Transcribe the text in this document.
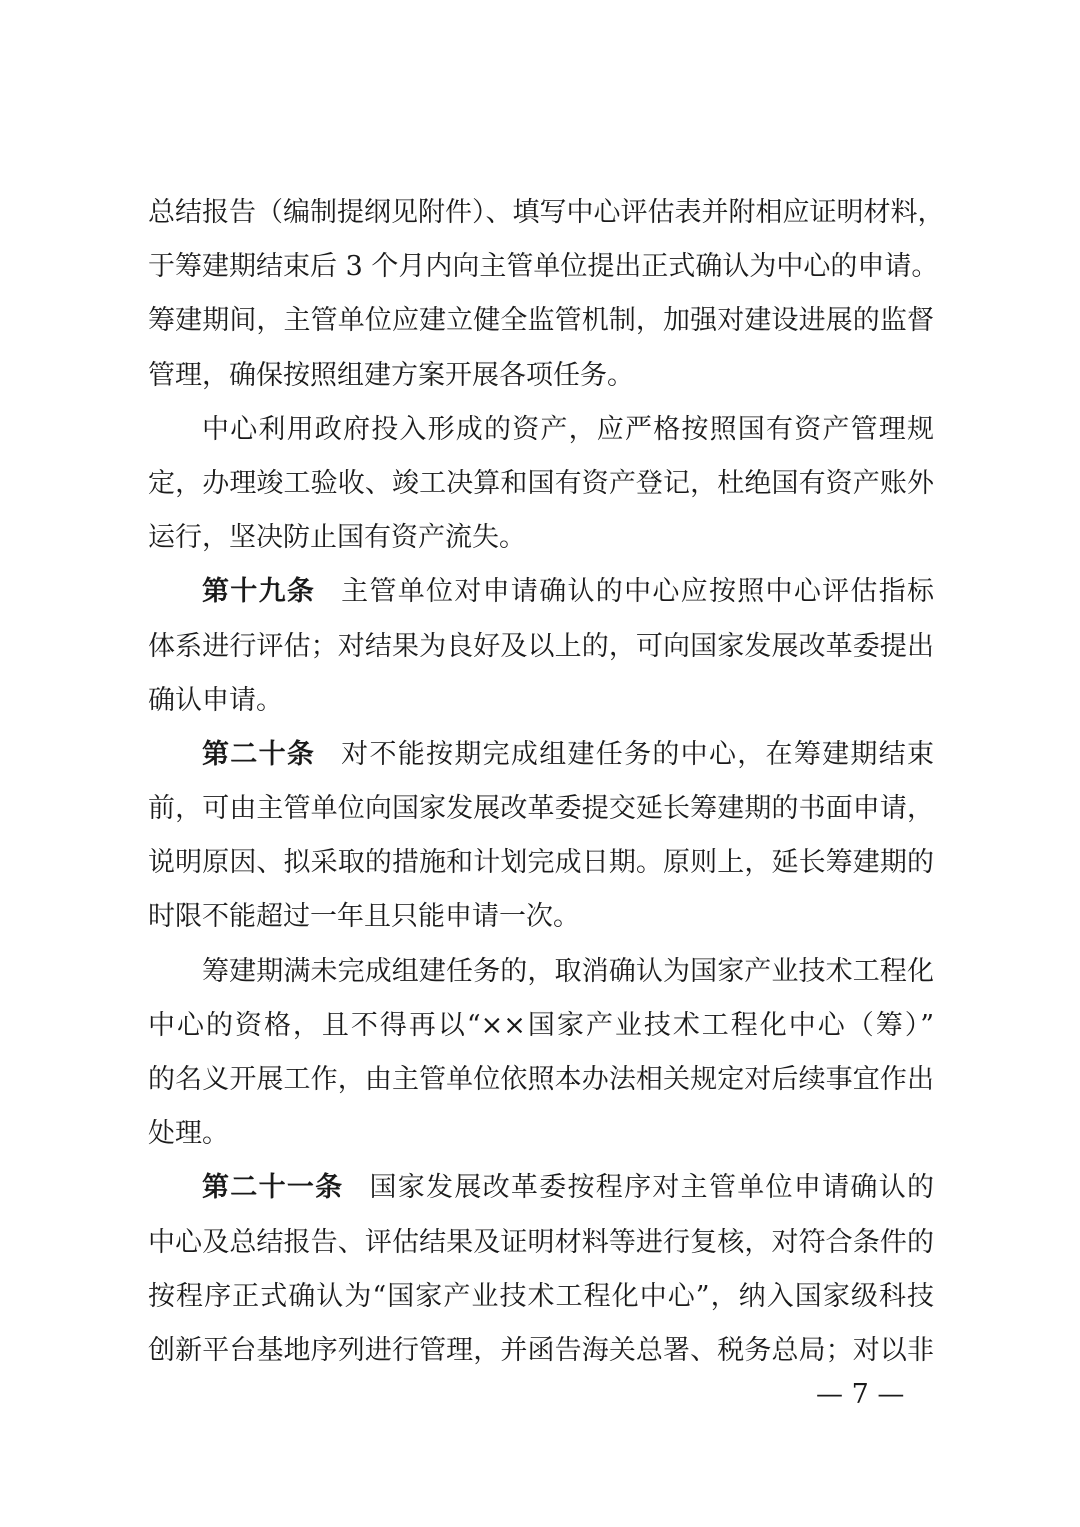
总结报告（编制提纲见附件）、填写中心评估表并附相应证明材料，
于筹建期结束后 3 个月内向主管单位提出正式确认为中心的申请。
筹建期间，主管单位应建立健全监管机制，加强对建设进展的监督
管理，确保按照组建方案开展各项任务。
中心利用政府投入形成的资产，应严格按照国有资产管理规
定，办理竣工验收、竣工决算和国有资产登记，杜绝国有资产账外
运行，坚决防止国有资产流失。
第十九条 主管单位对申请确认的中心应按照中心评估指标
体系进行评估；对结果为良好及以上的，可向国家发展改革委提出
确认申请。
第二十条 对不能按期完成组建任务的中心，在筹建期结束
前，可由主管单位向国家发展改革委提交延长筹建期的书面申请，
说明原因、拟采取的措施和计划完成日期。原则上，延长筹建期的
时限不能超过一年且只能申请一次。
筹建期满未完成组建任务的，取消确认为国家产业技术工程化
中心的资格，且不得再以“××国家产业技术工程化中心（筹）”
的名义开展工作，由主管单位依照本办法相关规定对后续事宜作出
处理。
第二十一条 国家发展改革委按程序对主管单位申请确认的
中心及总结报告、评估结果及证明材料等进行复核，对符合条件的
按程序正式确认为“国家产业技术工程化中心”，纳入国家级科技
创新平台基地序列进行管理，并函告海关总署、税务总局；对以非
— 7 —
